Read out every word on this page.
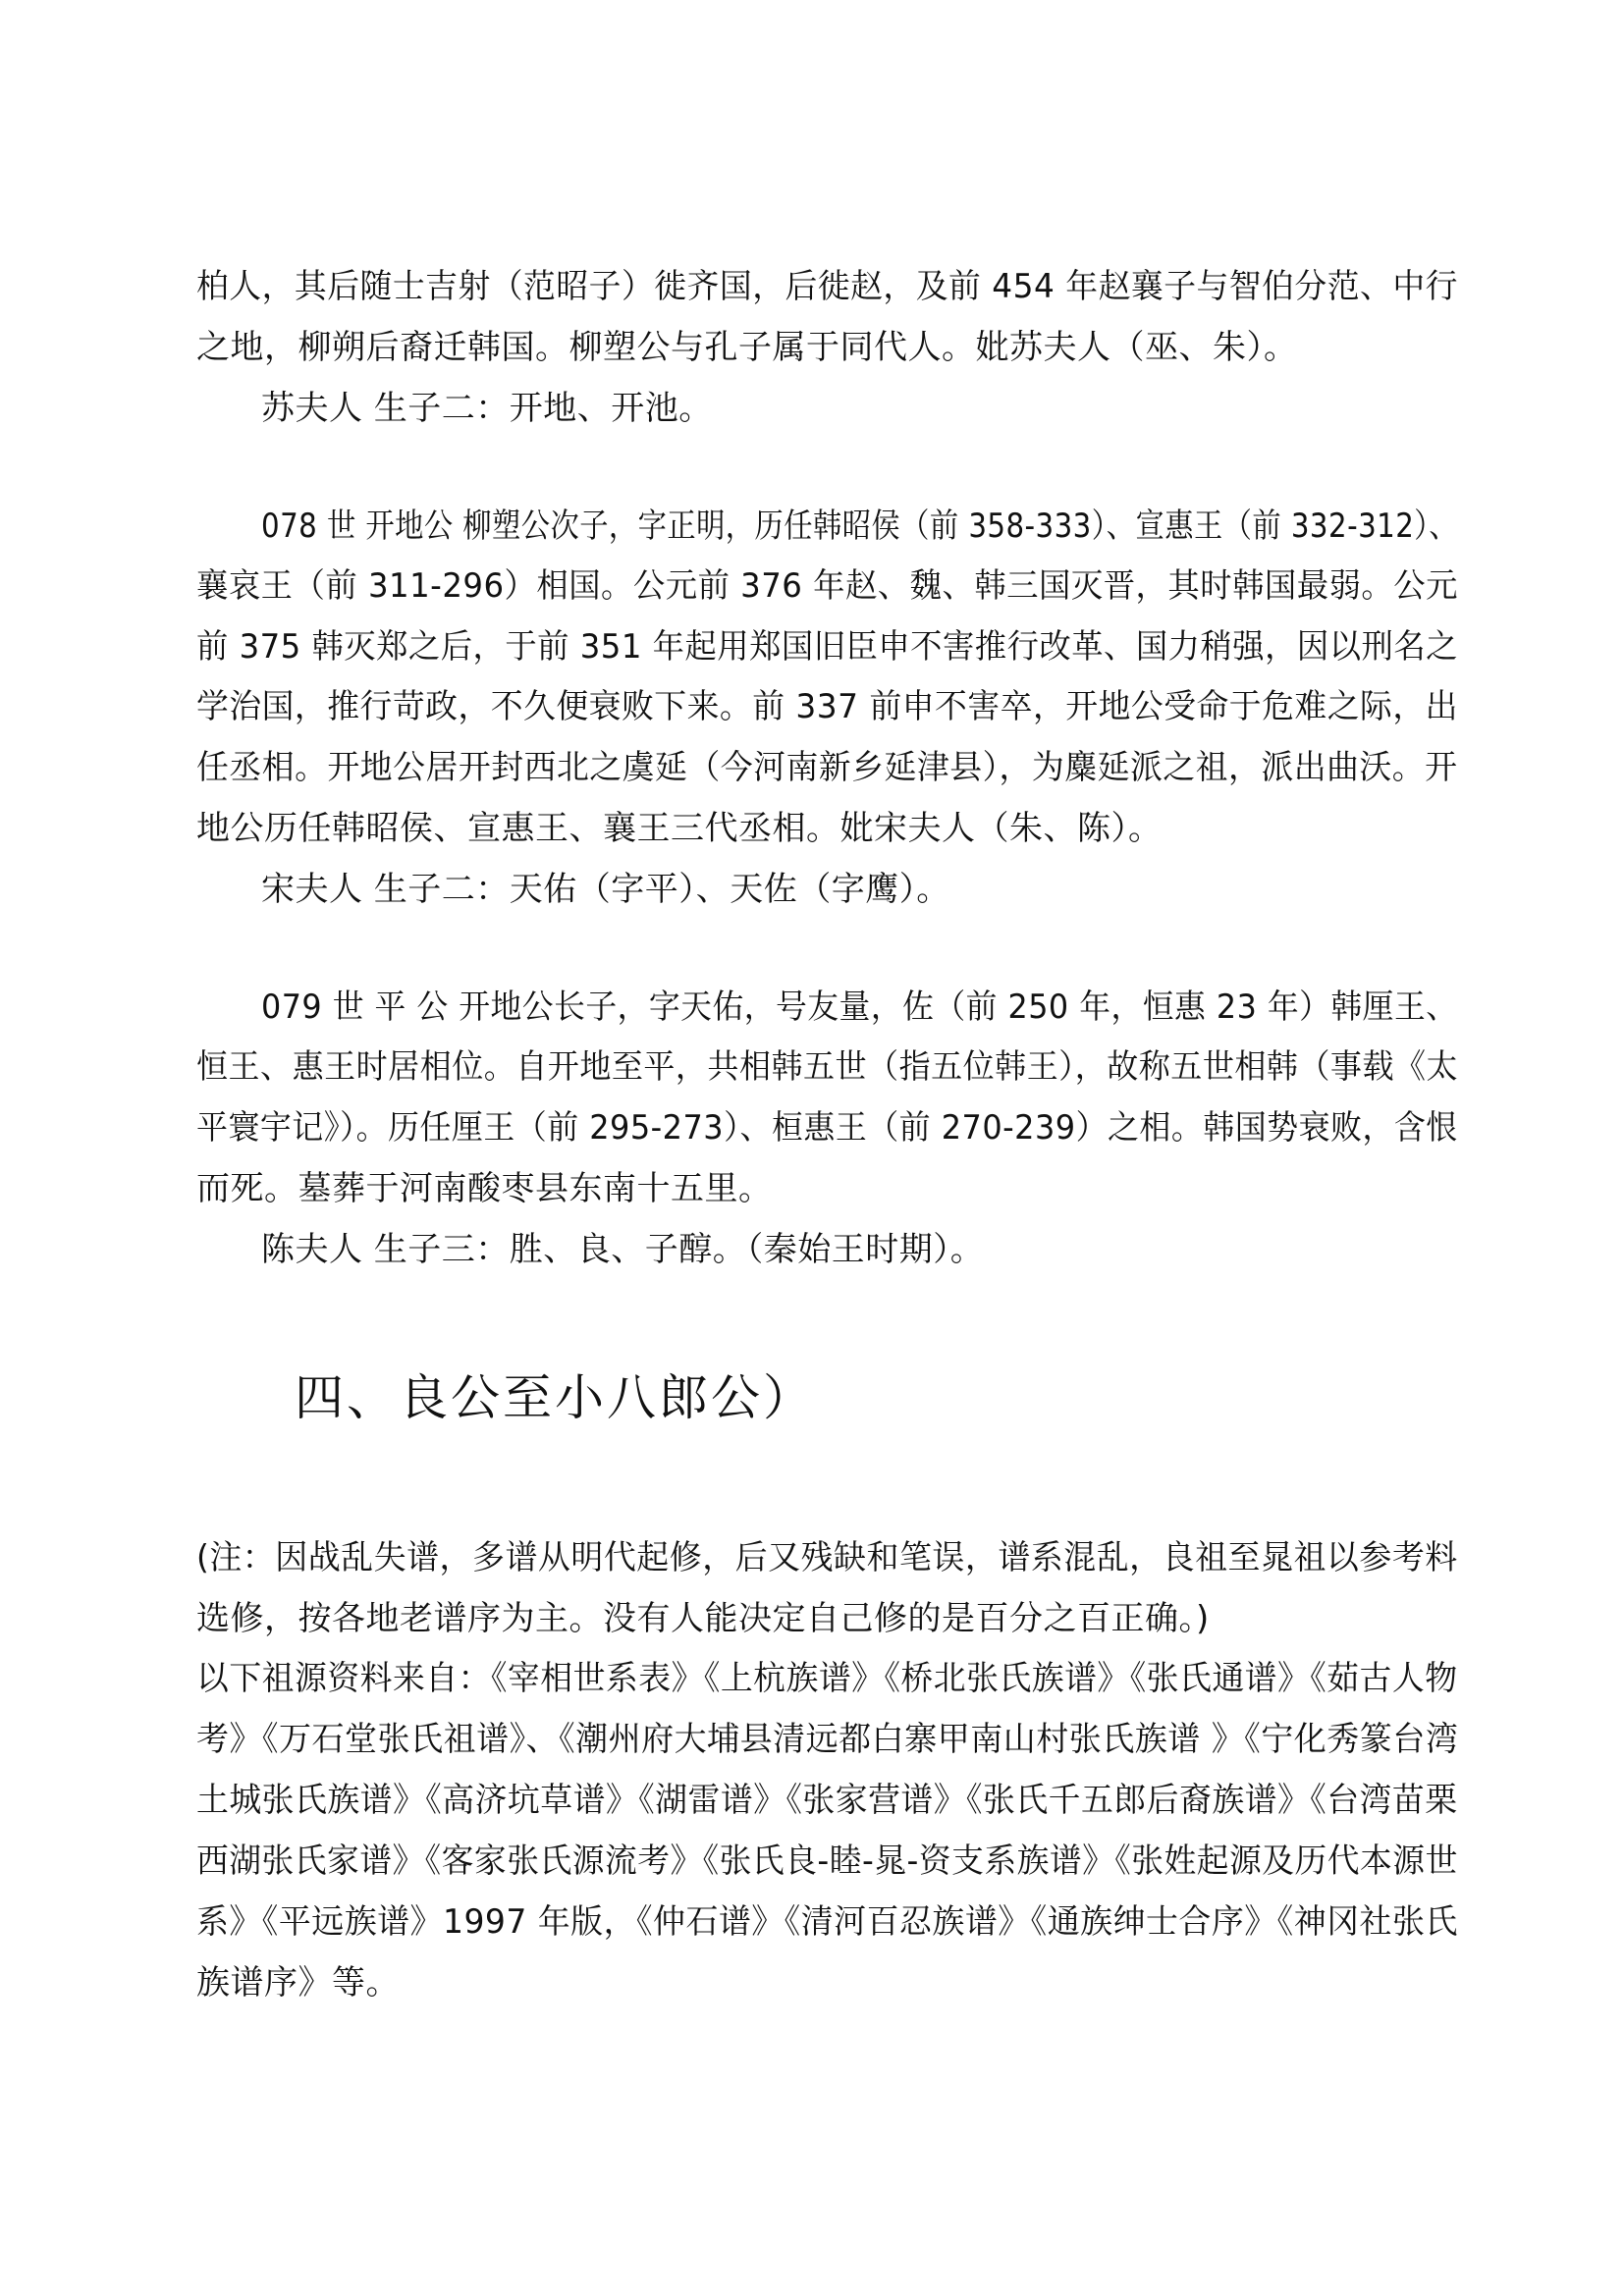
柏人，其后随士吉射（范昭子）徙齐国，后徙赵，及前 454 年赵襄子与智伯分范、中行
之地，柳朔后裔迁韩国。柳塑公与孔子属于同代人。妣苏夫人（巫、朱）。
苏夫人 生子二：开地、开池。
078 世 开地公 柳塑公次子，字正明，历任韩昭侯（前 358-333）、宣惠王（前 332-312）、
襄哀王（前 311-296）相国。公元前 376 年赵、魏、韩三国灭晋，其时韩国最弱。公元
前 375 韩灭郑之后，于前 351 年起用郑国旧臣申不害推行改革、国力稍强，因以刑名之
学治国，推行苛政，不久便衰败下来。前 337 前申不害卒，开地公受命于危难之际，出
任丞相。开地公居开封西北之虞延（今河南新乡延津县），为麋延派之祖，派出曲沃。开
地公历任韩昭侯、宣惠王、襄王三代丞相。妣宋夫人（朱、陈）。
宋夫人 生子二：天佑（字平）、天佐（字鹰）。
079 世 平 公 开地公长子，字天佑，号友量，佐（前 250 年，恒惠 23 年）韩厘王、
恒王、惠王时居相位。自开地至平，共相韩五世（指五位韩王），故称五世相韩（事载《太
平寰宇记》）。历任厘王（前 295-273）、桓惠王（前 270-239）之相。韩国势衰败，含恨
而死。墓葬于河南酸枣县东南十五里。
陈夫人 生子三：胜、良、子醇。（秦始王时期）。
四、良公至小八郎公）
(注：因战乱失谱，多谱从明代起修，后又残缺和笔误，谱系混乱，良祖至晁祖以参考料
选修，按各地老谱序为主。没有人能决定自己修的是百分之百正确。)
以下祖源资料来自：《宰相世系表》《上杭族谱》《桥北张氏族谱》《张氏通谱》《茹古人物
考》《万石堂张氏祖谱》、《潮州府大埔县清远都白寨甲南山村张氏族谱 》《宁化秀篆台湾
土城张氏族谱》《高济坑草谱》《湖雷谱》《张家营谱》《张氏千五郎后裔族谱》《台湾苗栗
西湖张氏家谱》《客家张氏源流考》《张氏良-睦-晁-资支系族谱》《张姓起源及历代本源世
系》《平远族谱》1997 年版，《仲石谱》《清河百忍族谱》《通族绅士合序》《神冈社张氏
族谱序》等。
